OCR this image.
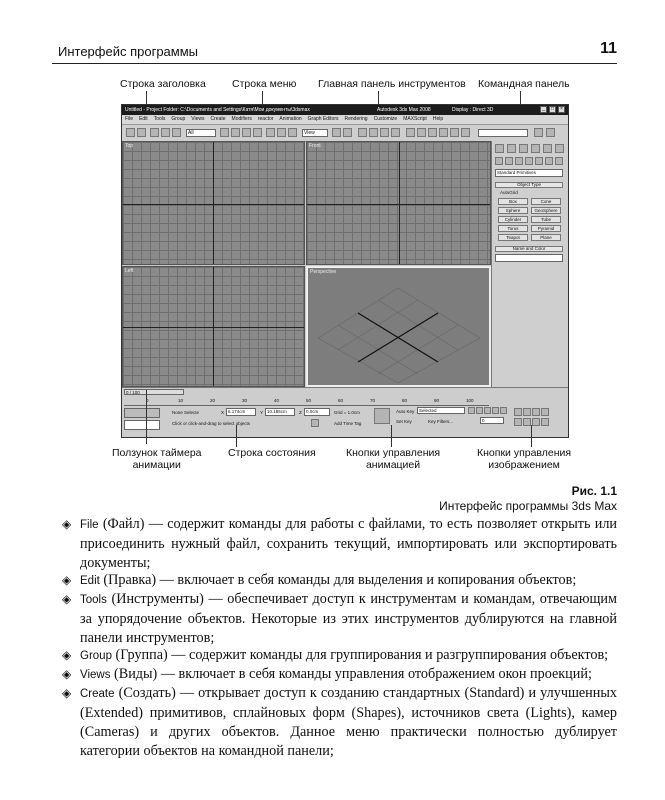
Интерфейс программы	11
Строка заголовка Строка меню Главная панель инструментов Командная панель
Untitled - Project Folder: C:\Documents and Settings\Катя\Мои документы\3dsmax	Autodesk 3ds Max 2008	Display : Direct 3D	_	□	×
File Edit Tools Group Views Create Modifiers reactor Animation Graph Editors Rendering Customize MAXScript Help
All	View
Top	Front
Left	Perspective
Standard Primitives
Object Type
AutoGrid
Box	Cone
Sphere	GeoSphere
Cylinder	Tube
Torus	Pyramid
Teapot	Plane
Name and Color
0 / 100
0	10	20	30	40	50	60	70	80	90	100
None Selecte	X 6.174cm	Y 10.185cm	Z 0.0cm	Grid = 1.0cm
Click or click-and-drag to select objects	Add Time Tag
Auto Key	Selected
Set Key	Key Filters...	0
Ползунок таймера
анимации
Строка состояния	Кнопки управления
анимацией
Кнопки управления
изображением
Рис. 1.1
Интерфейс программы 3ds Max
◈ File (Файл) — содержит команды для работы с файлами, то есть позволяет открыть или присоединить нужный файл, сохранить текущий, импортировать или экспортировать документы;
◈ Edit (Правка) — включает в себя команды для выделения и копирования объектов;
◈ Tools (Инструменты) — обеспечивает доступ к инструментам и командам, отвечающим за упорядочение объектов. Некоторые из этих инструментов дублируются на главной панели инструментов;
◈ Group (Группа) — содержит команды для группирования и разгруппирования объектов;
◈ Views (Виды) — включает в себя команды управления отображением окон проекций;
◈ Create (Создать) — открывает доступ к созданию стандартных (Standard) и улучшенных (Extended) примитивов, сплайновых форм (Shapes), источников света (Lights), камер (Cameras) и других объектов. Данное меню практически полностью дублирует категории объектов на командной панели;
